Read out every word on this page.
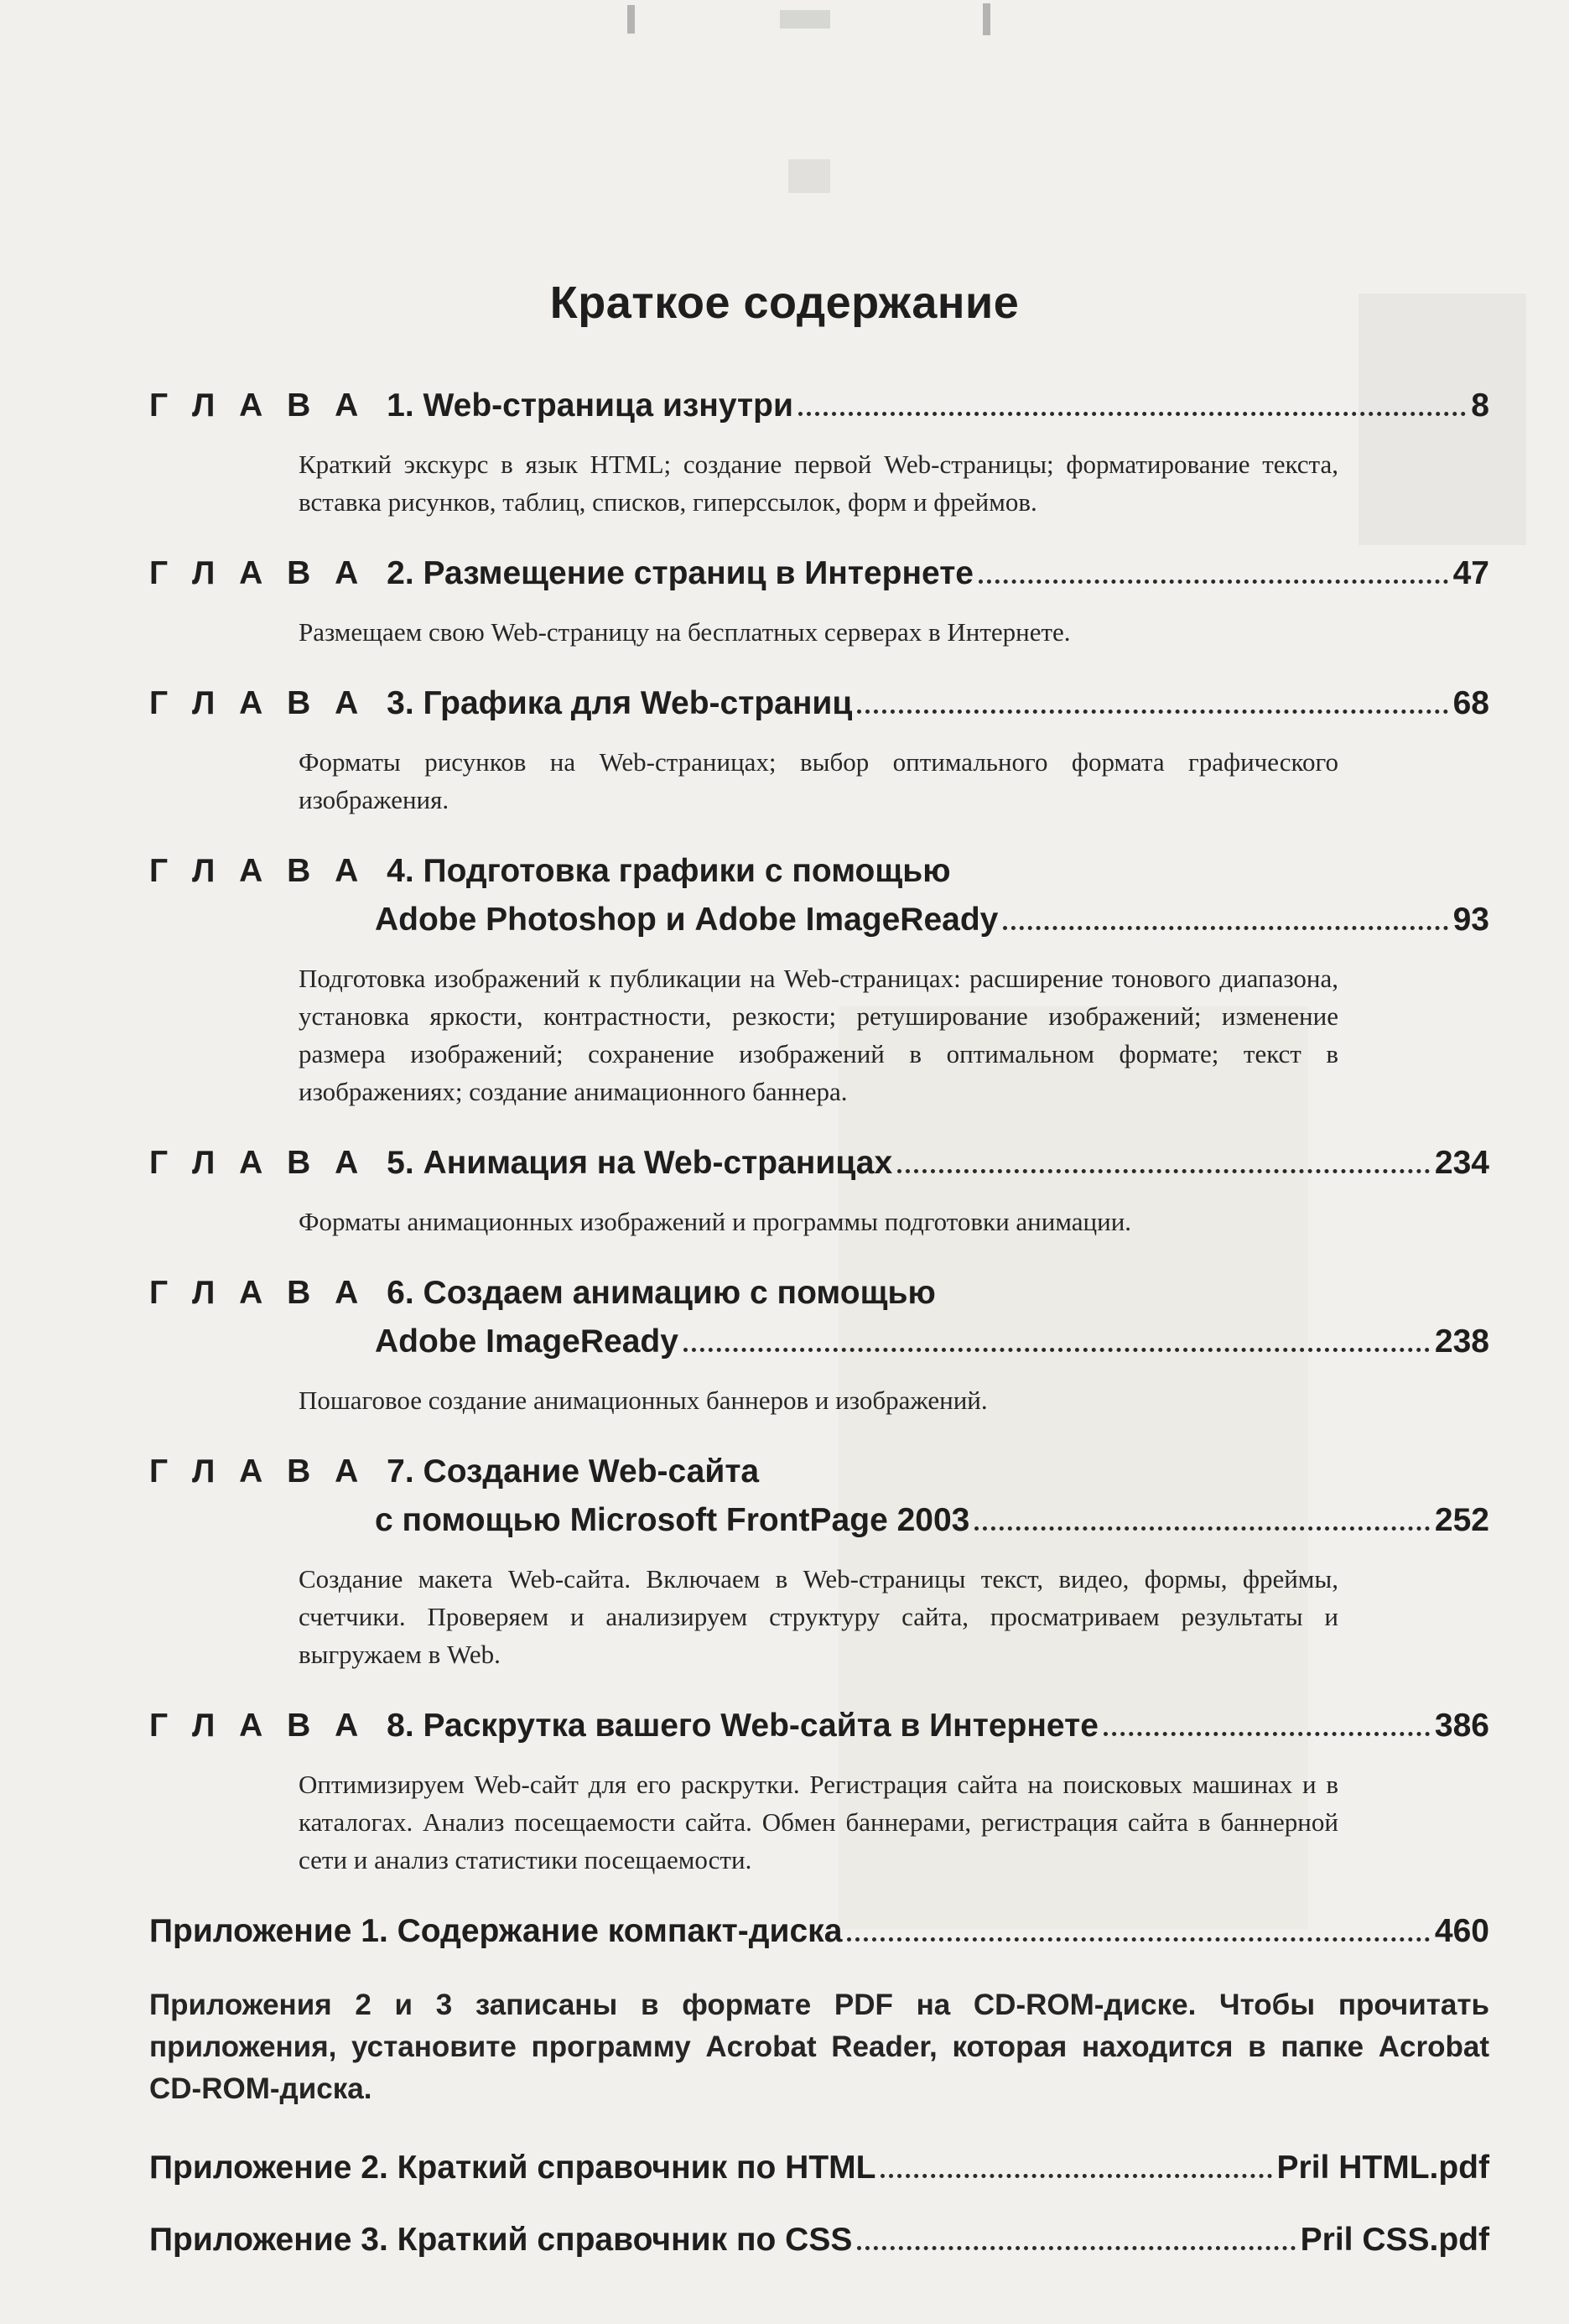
Краткое содержание
Г Л А В А 1. Web-страница изнутри	8
Краткий экскурс в язык HTML; создание первой Web-страницы; форматирование текста, вставка рисунков, таблиц, списков, гиперссылок, форм и фреймов.
Г Л А В А 2. Размещение страниц в Интернете	47
Размещаем свою Web-страницу на бесплатных серверах в Интернете.
Г Л А В А 3. Графика для Web-страниц	68
Форматы рисунков на Web-страницах; выбор оптимального формата графического изображения.
Г Л А В А 4. Подготовка графики с помощью
Adobe Photoshop и Adobe ImageReady	93
Подготовка изображений к публикации на Web-страницах: расширение тонового диапазона, установка яркости, контрастности, резкости; ретуширование изображений; изменение размера изображений; сохранение изображений в оптимальном формате; текст в изображениях; создание анимационного баннера.
Г Л А В А 5. Анимация на Web-страницах	234
Форматы анимационных изображений и программы подготовки анимации.
Г Л А В А 6. Создаем анимацию с помощью
Adobe ImageReady	238
Пошаговое создание анимационных баннеров и изображений.
Г Л А В А 7. Создание Web-сайта
с помощью Microsoft FrontPage 2003	252
Создание макета Web-сайта. Включаем в Web-страницы текст, видео, формы, фреймы, счетчики. Проверяем и анализируем структуру сайта, просматриваем результаты и выгружаем в Web.
Г Л А В А 8. Раскрутка вашего Web-сайта в Интернете	386
Оптимизируем Web-сайт для его раскрутки. Регистрация сайта на поисковых машинах и в каталогах. Анализ посещаемости сайта. Обмен баннерами, регистрация сайта в баннерной сети и анализ статистики посещаемости.
Приложение 1. Содержание компакт-диска	460
Приложения 2 и 3 записаны в формате PDF на CD-ROM-диске. Чтобы прочитать приложения, установите программу Acrobat Reader, которая находится в папке Acrobat CD-ROM-диска.
Приложение 2. Краткий справочник по HTML	Pril HTML.pdf
Приложение 3. Краткий справочник по CSS	Pril CSS.pdf
